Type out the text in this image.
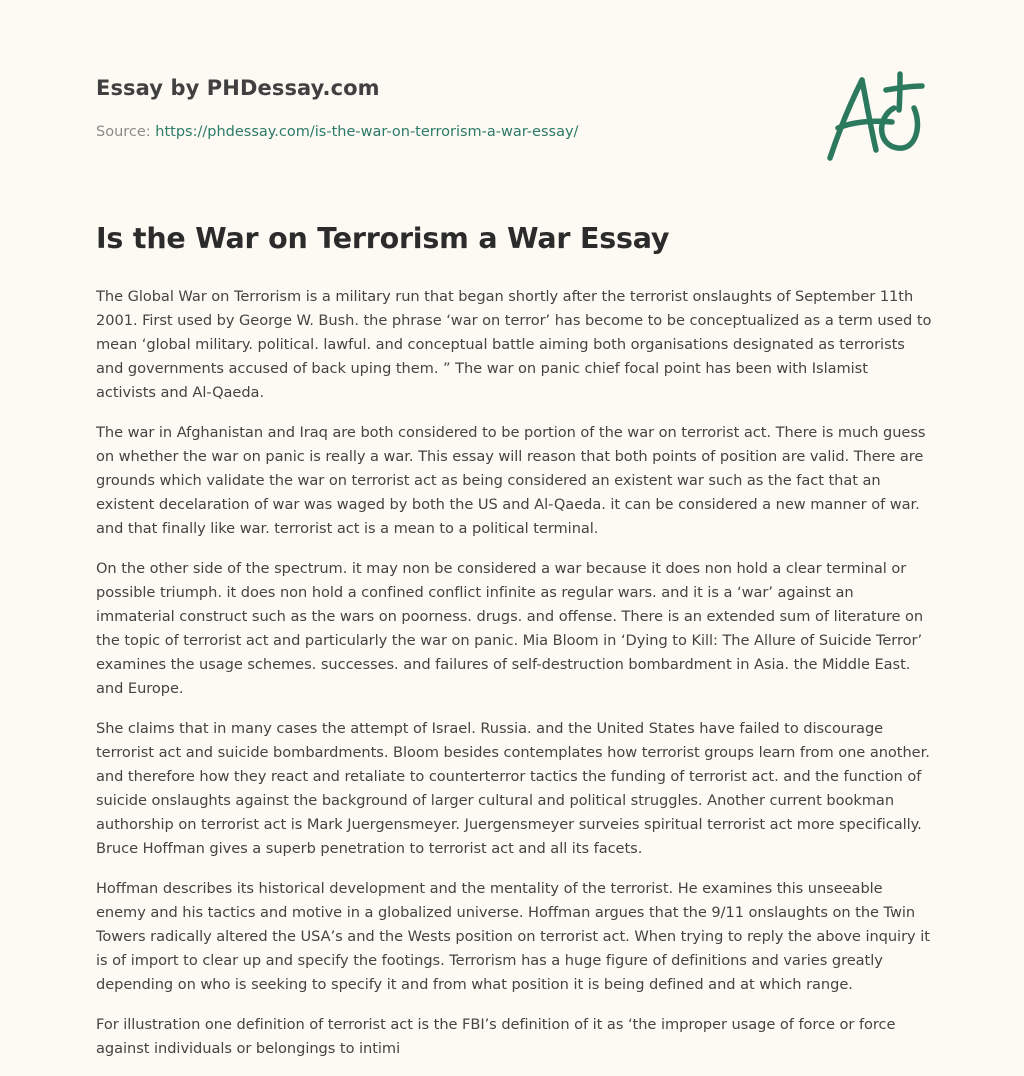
Essay by PHDessay.com
Source: https://phdessay.com/is-the-war-on-terrorism-a-war-essay/
Is the War on Terrorism a War Essay

The Global War on Terrorism is a military run that began shortly after the terrorist onslaughts of September 11th 2001. First used by George W. Bush. the phrase ‘war on terror’ has become to be conceptualized as a term used to mean ‘global military. political. lawful. and conceptual battle aiming both organisations designated as terrorists and governments accused of back uping them. ” The war on panic chief focal point has been with Islamist activists and Al-Qaeda.

The war in Afghanistan and Iraq are both considered to be portion of the war on terrorist act. There is much guess on whether the war on panic is really a war. This essay will reason that both points of position are valid. There are grounds which validate the war on terrorist act as being considered an existent war such as the fact that an existent decelaration of war was waged by both the US and Al-Qaeda. it can be considered a new manner of war. and that finally like war. terrorist act is a mean to a political terminal.

On the other side of the spectrum. it may non be considered a war because it does non hold a clear terminal or possible triumph. it does non hold a confined conflict infinite as regular wars. and it is a ‘war’ against an immaterial construct such as the wars on poorness. drugs. and offense. There is an extended sum of literature on the topic of terrorist act and particularly the war on panic. Mia Bloom in ‘Dying to Kill: The Allure of Suicide Terror’ examines the usage schemes. successes. and failures of self-destruction bombardment in Asia. the Middle East. and Europe.

She claims that in many cases the attempt of Israel. Russia. and the United States have failed to discourage terrorist act and suicide bombardments. Bloom besides contemplates how terrorist groups learn from one another. and therefore how they react and retaliate to counterterror tactics the funding of terrorist act. and the function of suicide onslaughts against the background of larger cultural and political struggles. Another current bookman authorship on terrorist act is Mark Juergensmeyer. Juergensmeyer surveies spiritual terrorist act more specifically. Bruce Hoffman gives a superb penetration to terrorist act and all its facets.

Hoffman describes its historical development and the mentality of the terrorist. He examines this unseeable enemy and his tactics and motive in a globalized universe. Hoffman argues that the 9/11 onslaughts on the Twin Towers radically altered the USA’s and the Wests position on terrorist act. When trying to reply the above inquiry it is of import to clear up and specify the footings. Terrorism has a huge figure of definitions and varies greatly depending on who is seeking to specify it and from what position it is being defined and at which range.

For illustration one definition of terrorist act is the FBI’s definition of it as ‘the improper usage of force or force against individuals or belongings to intimi
